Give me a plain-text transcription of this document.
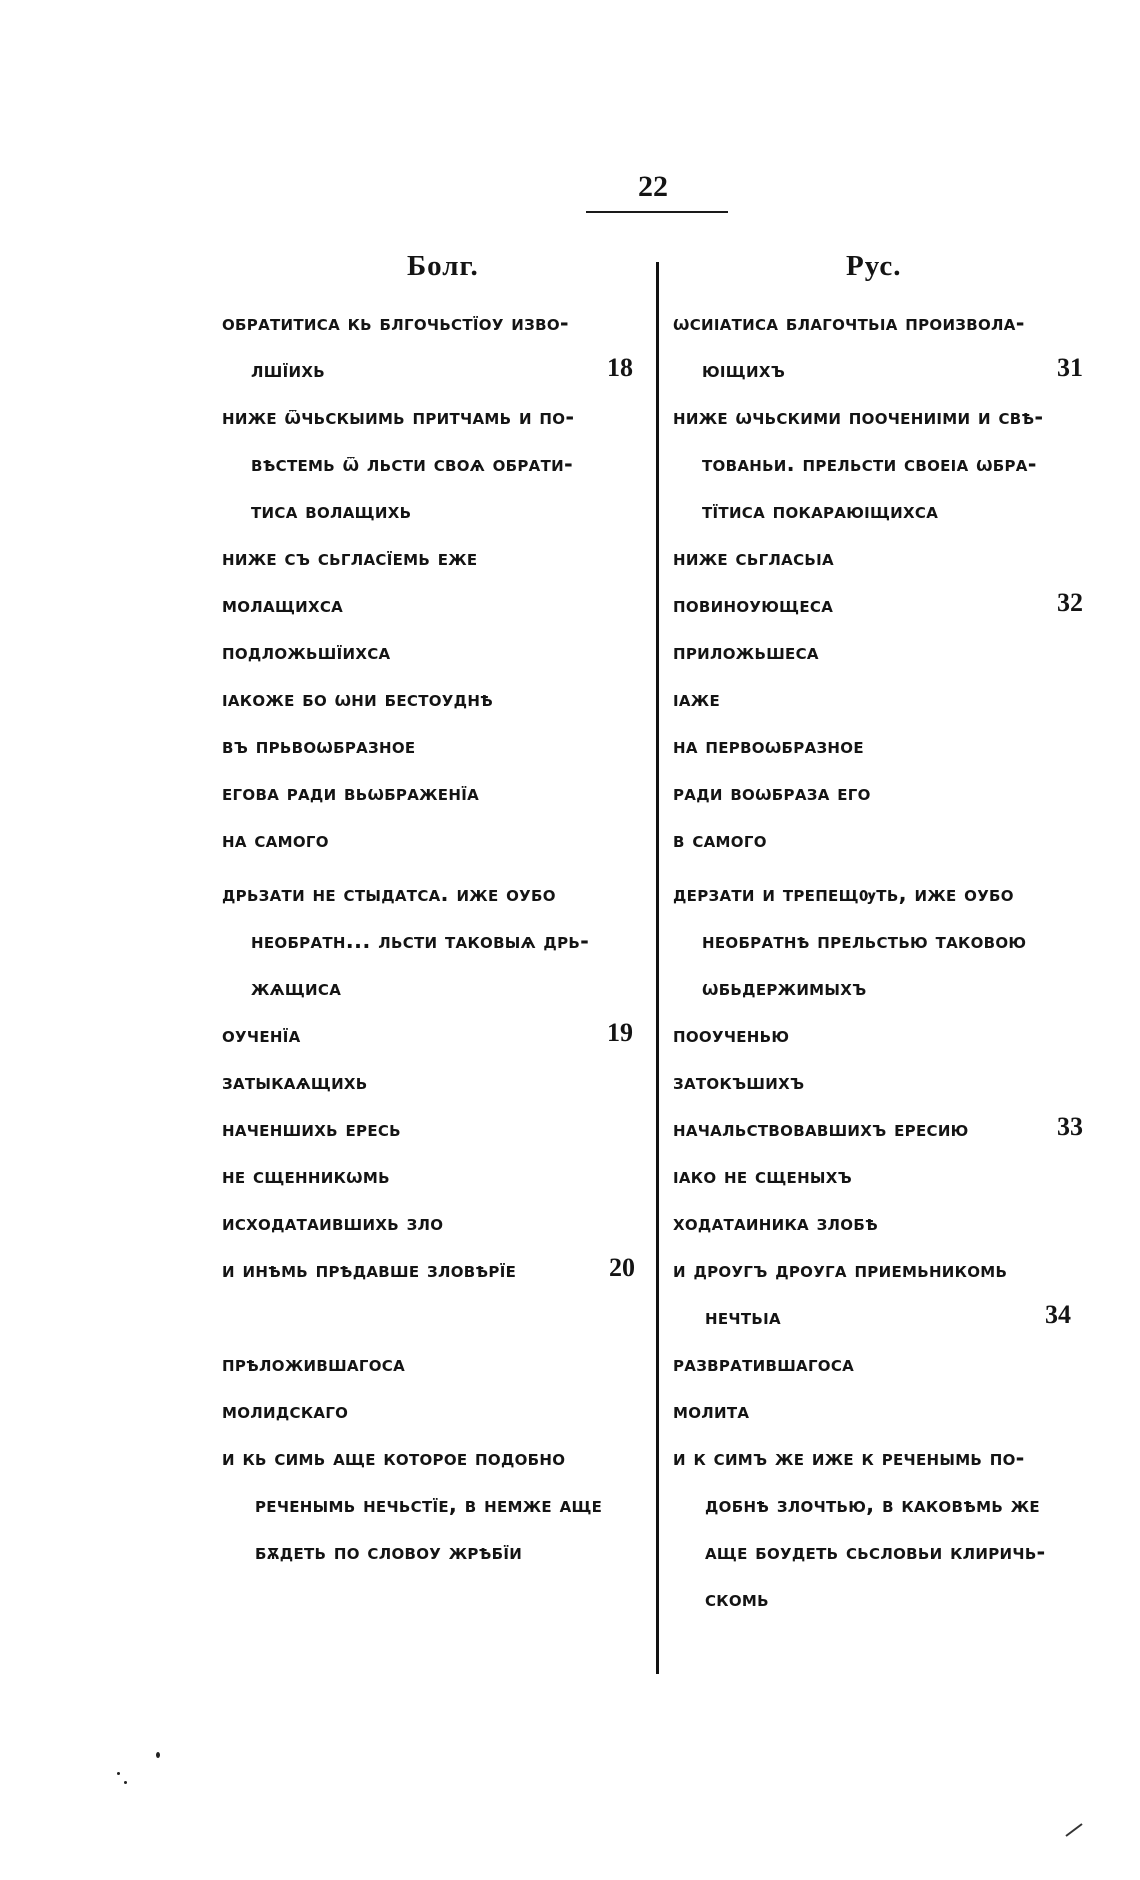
22
Болг.	Рус.
обратитиса кь блгочьстїоу изво-
лшїихь	18
ниже ѿчьскыимь притчамь и по-
вѣстемь ѿ льсти своѧ обрати-
тиса волащихь
ниже съ сьгласїемь еже
молащихса
подложьшїихса
ıакоже бо ѡни бестоуднѣ
въ прьвоѡбразное
егова ради вьѡбраженїа
на самого
дрьзати не стыдатса. иже оубо
необратн... льсти таковыѧ дрь-
жѧщиса
оученїа	19
затыкаѧщихь
наченшихь ересь
не сщенникѡмь
исходатаившихь зло
и инѣмь прѣдавше зловѣрїе	20
прѣложившагоса
молидскаго
и кь симь аще которое подобно
реченымь нечьстїе, в немже аще
бѫдеть по словоу жрѣбїи
ѡсиıатиса благочтьıа произволa-
юıщихъ	31
ниже ѡчьскими поочениıми и свѣ-
тованьи. прельсти своеıа ѡбра-
тїтиса покараюıщихса
ниже сьгласьıа
повиноующеса	32
приложьшеса
ıаже
на первоѡбразное
ради воѡбраза его
в самого
дерзати и трепещѹть, иже оубо
необратнѣ прельстью таковою
ѡбьдержимыхъ
пооученью
затокъшихъ
начальствовавшихъ ересию	33
ıако не сщеныхъ
ходатаиника злобѣ
и дроугъ дроуга приемьникомь
нечтьıа	34
развратившагоса
молита
и к симъ же иже к реченымь по-
добнѣ злочтью, в каковѣмь же
аще боудеть сьсловьи клиричь-
скомь
